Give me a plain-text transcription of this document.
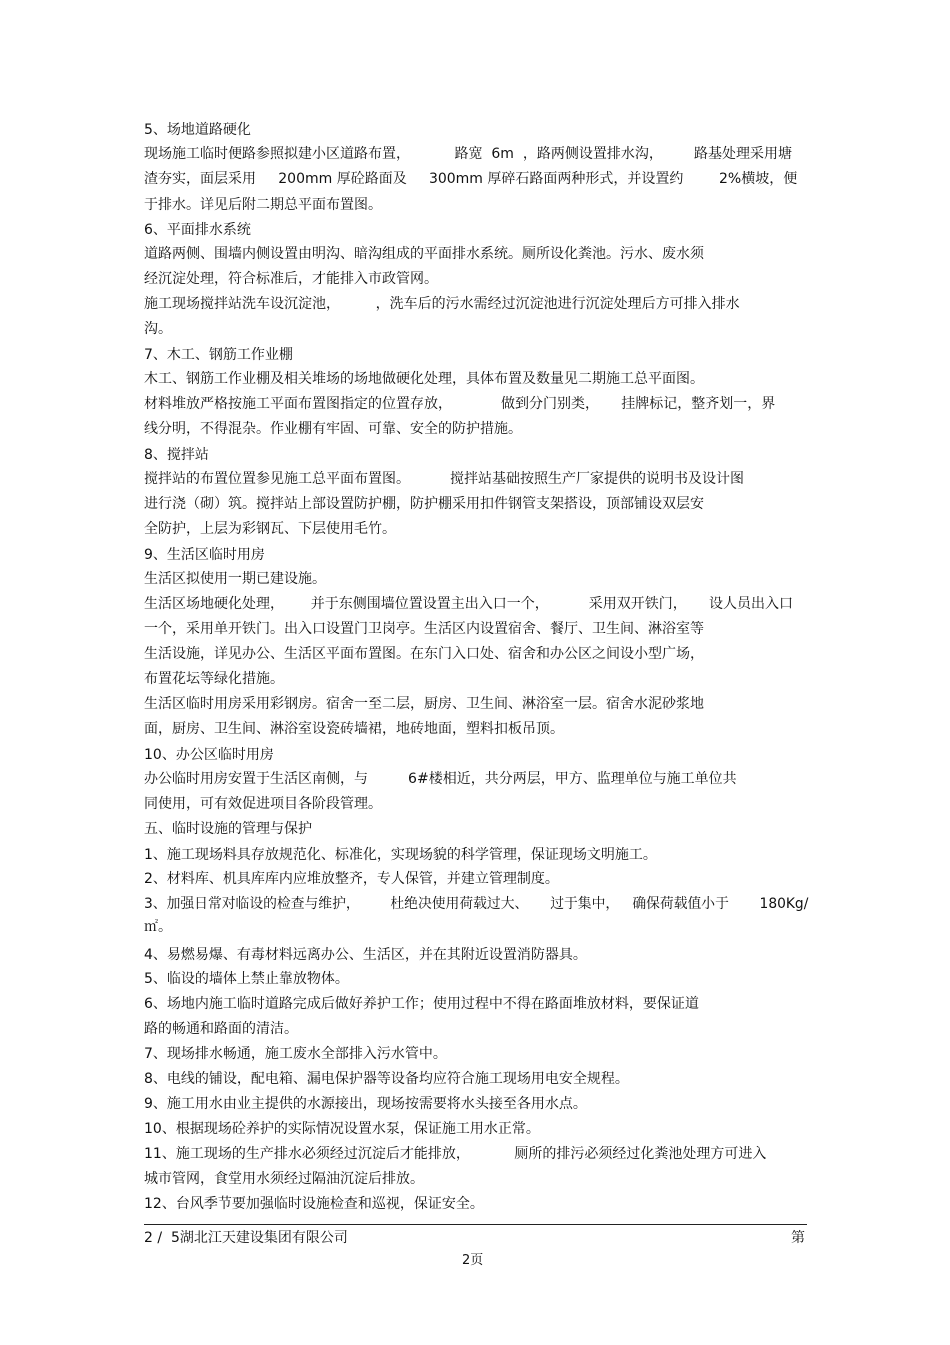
5、场地道路硬化
现场施工临时便路参照拟建小区道路布置，          路宽  6m  ，路两侧设置排水沟，       路基处理采用塘
渣夯实，面层采用     200mm 厚砼路面及     300mm 厚碎石路面两种形式，并设置约        2%横坡，便
于排水。详见后附二期总平面布置图。
6、平面排水系统
道路两侧、围墙内侧设置由明沟、暗沟组成的平面排水系统。厕所设化粪池。污水、废水须
经沉淀处理，符合标准后，才能排入市政管网。
施工现场搅拌站洗车设沉淀池，        ，洗车后的污水需经过沉淀池进行沉淀处理后方可排入排水
沟。
7、木工、钢筋工作业棚
木工、钢筋工作业棚及相关堆场的场地做硬化处理，具体布置及数量见二期施工总平面图。
材料堆放严格按施工平面布置图指定的位置存放，           做到分门别类，     挂牌标记，整齐划一，界
线分明，不得混杂。作业棚有牢固、可靠、安全的防护措施。
8、搅拌站
搅拌站的布置位置参见施工总平面布置图。         搅拌站基础按照生产厂家提供的说明书及设计图
进行浇（砌）筑。搅拌站上部设置防护棚，防护棚采用扣件钢管支架搭设，顶部铺设双层安
全防护，上层为彩钢瓦、下层使用毛竹。
9、生活区临时用房
生活区拟使用一期已建设施。
生活区场地硬化处理，      并于东侧围墙位置设置主出入口一个，         采用双开铁门，     设人员出入口
一个，采用单开铁门。出入口设置门卫岗亭。生活区内设置宿舍、餐厅、卫生间、淋浴室等
生活设施，详见办公、生活区平面布置图。在东门入口处、宿舍和办公区之间设小型广场，
布置花坛等绿化措施。
生活区临时用房采用彩钢房。宿舍一至二层，厨房、卫生间、淋浴室一层。宿舍水泥砂浆地
面，厨房、卫生间、淋浴室设瓷砖墙裙，地砖地面，塑料扣板吊顶。
10、办公区临时用房
办公临时用房安置于生活区南侧，与         6#楼相近，共分两层，甲方、监理单位与施工单位共
同使用，可有效促进项目各阶段管理。
五、临时设施的管理与保护
1、施工现场料具存放规范化、标准化，实现场貌的科学管理，保证现场文明施工。
2、材料库、机具库库内应堆放整齐，专人保管，并建立管理制度。
3、加强日常对临设的检查与维护，       杜绝决使用荷载过大、     过于集中，   确保荷载值小于       180Kg/
㎡。
4、易燃易爆、有毒材料远离办公、生活区，并在其附近设置消防器具。
5、临设的墙体上禁止靠放物体。
6、场地内施工临时道路完成后做好养护工作；使用过程中不得在路面堆放材料，要保证道
路的畅通和路面的清洁。
7、现场排水畅通，施工废水全部排入污水管中。
8、电线的铺设，配电箱、漏电保护器等设备均应符合施工现场用电安全规程。
9、施工用水由业主提供的水源接出，现场按需要将水头接至各用水点。
10、根据现场砼养护的实际情况设置水泵，保证施工用水正常。
11、施工现场的生产排水必须经过沉淀后才能排放，          厕所的排污必须经过化粪池处理方可进入
城市管网，食堂用水须经过隔油沉淀后排放。
12、台风季节要加强临时设施检查和巡视，保证安全。
2 /  5湖北江天建设集团有限公司	第
2页
